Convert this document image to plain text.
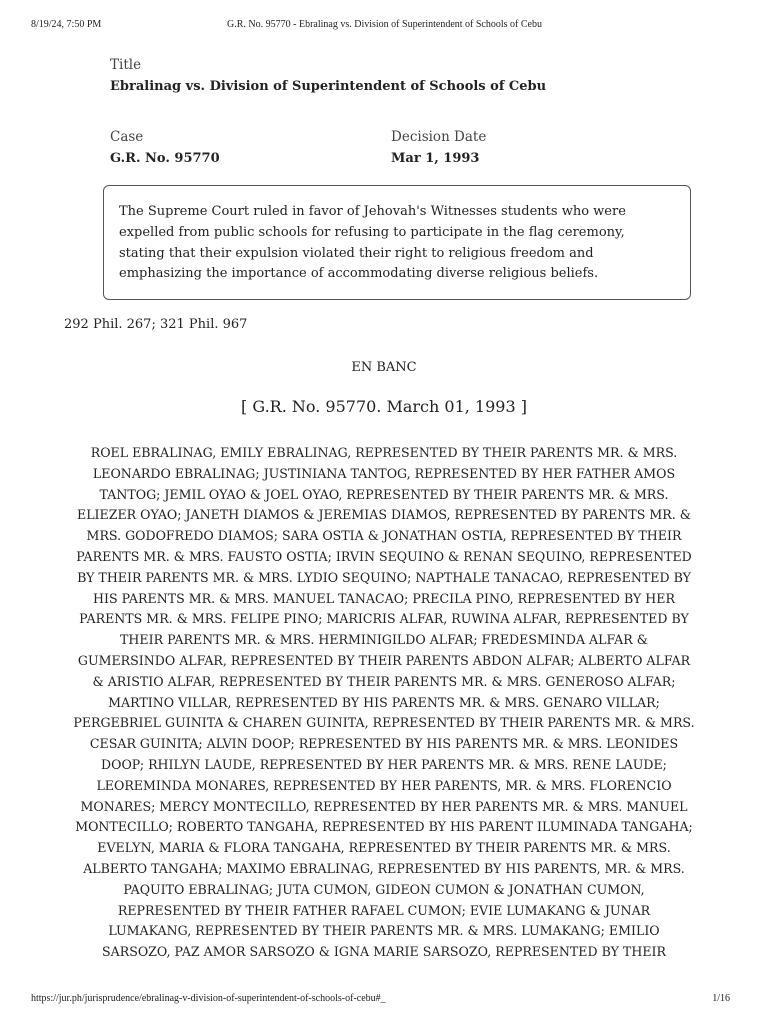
8/19/24, 7:50 PM	G.R. No. 95770 - Ebralinag vs. Division of Superintendent of Schools of Cebu
Title
Ebralinag vs. Division of Superintendent of Schools of Cebu
Case
G.R. No. 95770
Decision Date
Mar 1, 1993
The Supreme Court ruled in favor of Jehovah's Witnesses students who were
expelled from public schools for refusing to participate in the flag ceremony,
stating that their expulsion violated their right to religious freedom and
emphasizing the importance of accommodating diverse religious beliefs.
292 Phil. 267; 321 Phil. 967
EN BANC
[ G.R. No. 95770. March 01, 1993 ]
ROEL EBRALINAG, EMILY EBRALINAG, REPRESENTED BY THEIR PARENTS MR. & MRS.
LEONARDO EBRALINAG; JUSTINIANA TANTOG, REPRESENTED BY HER FATHER AMOS
TANTOG; JEMIL OYAO & JOEL OYAO, REPRESENTED BY THEIR PARENTS MR. & MRS.
ELIEZER OYAO; JANETH DIAMOS & JEREMIAS DIAMOS, REPRESENTED BY PARENTS MR. &
MRS. GODOFREDO DIAMOS; SARA OSTIA & JONATHAN OSTIA, REPRESENTED BY THEIR
PARENTS MR. & MRS. FAUSTO OSTIA; IRVIN SEQUINO & RENAN SEQUINO, REPRESENTED
BY THEIR PARENTS MR. & MRS. LYDIO SEQUINO; NAPTHALE TANACAO, REPRESENTED BY
HIS PARENTS MR. & MRS. MANUEL TANACAO; PRECILA PINO, REPRESENTED BY HER
PARENTS MR. & MRS. FELIPE PINO; MARICRIS ALFAR, RUWINA ALFAR, REPRESENTED BY
THEIR PARENTS MR. & MRS. HERMINIGILDO ALFAR; FREDESMINDA ALFAR &
GUMERSINDO ALFAR, REPRESENTED BY THEIR PARENTS ABDON ALFAR; ALBERTO ALFAR
& ARISTIO ALFAR, REPRESENTED BY THEIR PARENTS MR. & MRS. GENEROSO ALFAR;
MARTINO VILLAR, REPRESENTED BY HIS PARENTS MR. & MRS. GENARO VILLAR;
PERGEBRIEL GUINITA & CHAREN GUINITA, REPRESENTED BY THEIR PARENTS MR. & MRS.
CESAR GUINITA; ALVIN DOOP; REPRESENTED BY HIS PARENTS MR. & MRS. LEONIDES
DOOP; RHILYN LAUDE, REPRESENTED BY HER PARENTS MR. & MRS. RENE LAUDE;
LEOREMINDA MONARES, REPRESENTED BY HER PARENTS, MR. & MRS. FLORENCIO
MONARES; MERCY MONTECILLO, REPRESENTED BY HER PARENTS MR. & MRS. MANUEL
MONTECILLO; ROBERTO TANGAHA, REPRESENTED BY HIS PARENT ILUMINADA TANGAHA;
EVELYN, MARIA & FLORA TANGAHA, REPRESENTED BY THEIR PARENTS MR. & MRS.
ALBERTO TANGAHA; MAXIMO EBRALINAG, REPRESENTED BY HIS PARENTS, MR. & MRS.
PAQUITO EBRALINAG; JUTA CUMON, GIDEON CUMON & JONATHAN CUMON,
REPRESENTED BY THEIR FATHER RAFAEL CUMON; EVIE LUMAKANG & JUNAR
LUMAKANG, REPRESENTED BY THEIR PARENTS MR. & MRS. LUMAKANG; EMILIO
SARSOZO, PAZ AMOR SARSOZO & IGNA MARIE SARSOZO, REPRESENTED BY THEIR
https://jur.ph/jurisprudence/ebralinag-v-division-of-superintendent-of-schools-of-cebu#_	1/16
